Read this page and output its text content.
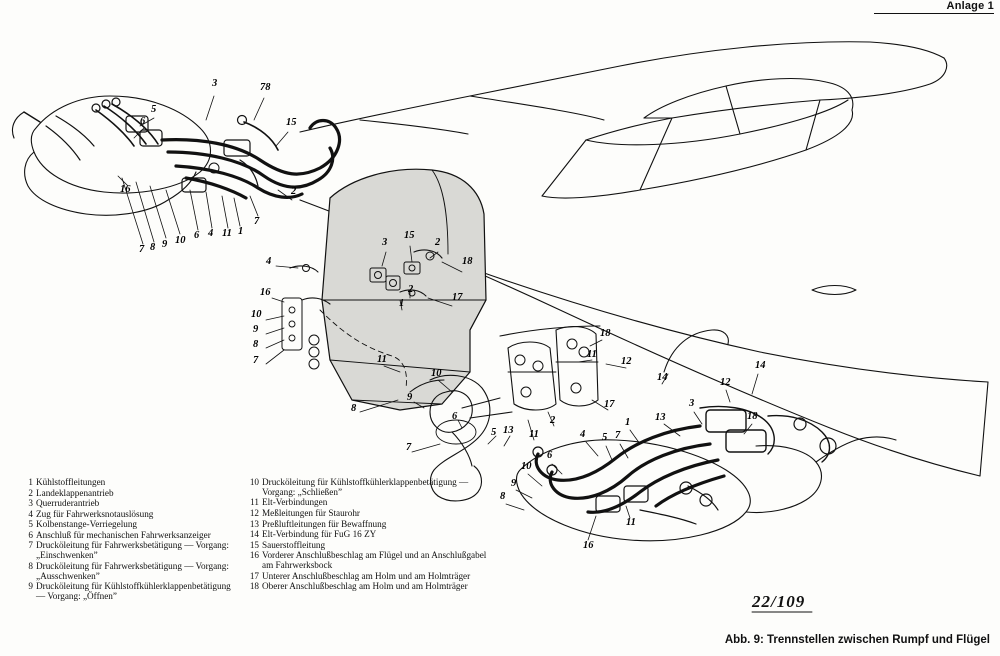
Anlage 1
3	78
15
5
6
16	2
7
1
11
4
6
10
9
8
7
3
15
2
18
4
17
2
1
16
10
9
8
7	11
10
9
8
7
6
5 13 11
2
17
18
11
12
14	12
14
13
3
18
1
7
4 5
6
10
9
8
11
16
1 Kühlstoffleitungen
2 Landeklappenantrieb
3 Querruderantrieb
4 Zug für Fahrwerksnotauslösung
5 Kolbenstange-Verriegelung
6 Anschluß für mechanischen Fahrwerksanzeiger
7 Drucköleitung für Fahrwerksbetätigung — Vorgang: „Einschwenken”
8 Drucköleitung für Fahrwerksbetätigung — Vorgang: „Ausschwenken”
9 Drucköleitung für Kühlstoffkühlerklappenbetätigung — Vorgang: „Öffnen”
10 Drucköleitung für Kühlstoffkühlerklappenbetätigung — Vorgang: „Schließen”
11 Elt-Verbindungen
12 Meßleitungen für Staurohr
13 Preßluftleitungen für Bewaffnung
14 Elt-Verbindung für FuG 16 ZY
15 Sauerstoffleitung
16 Vorderer Anschlußbeschlag am Flügel und an Anschlußgabel am Fahrwerksbock
17 Unterer Anschlußbeschlag am Holm und am Holmträger
18 Oberer Anschlußbeschlag am Holm und am Holmträger
22/109
Abb. 9: Trennstellen zwischen Rumpf und Flügel
